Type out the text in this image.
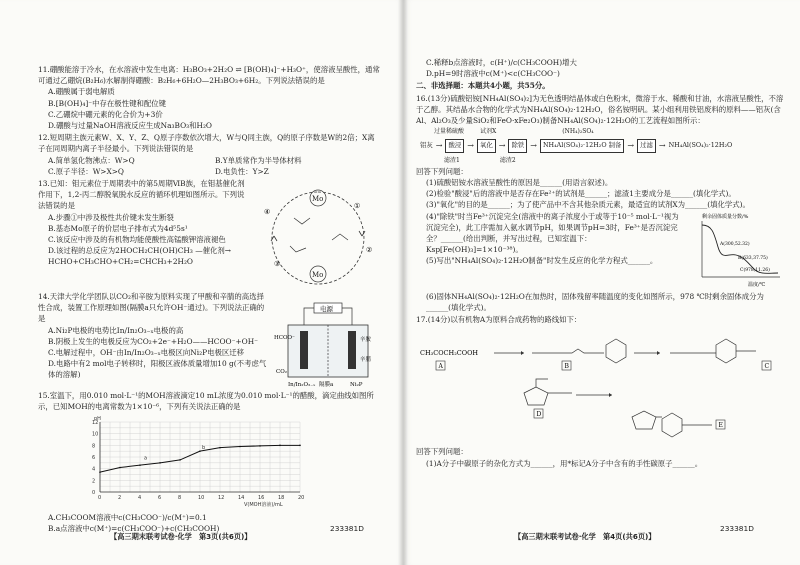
11.硼酸能溶于冷水，在水溶液中发生电离：H₃BO₃+2H₂O ⇌ [B(OH)₄]⁻+H₃O⁺，使溶液呈酸性，通常可通过乙硼烷(B₂H₆)水解制得硼酸：B₂H₆+6H₂O—2H₃BO₃+6H₂。下列说法错误的是
A.硼酸属于弱电解质
B.[B(OH)₄]⁻中存在极性键和配位键
C.乙硼烷中硼元素的化合价为+3价
D.硼酸与过量NaOH溶液反应生成Na₃BO₃和H₂O
12.短周期主族元素W、X、Y、Z、Q原子序数依次增大，W与Q同主族，Q的原子序数是W的2倍；X离子在同周期内离子半径最小。下列说法错误的是
A.简单氢化物沸点：W>Q	B.Y单质常作为半导体材料
C.原子半径：W>X>Q	D.电负性：Y>Z
13.已知：钼元素位于周期表中的第5周期ⅥB族，在钼基催化剂作用下，1,2-丙二醇脱氧脱水反应的循环机理如图所示。下列说法错误的是
A.步骤①中涉及极性共价键未发生断裂
B.基态Mo原子的价层电子排布式为4d⁵5s¹
C.该反应中涉及的有机物均能使酸性高锰酸钾溶液褪色
D.该过程的总反应为2HOCH₂CH(OH)CH₃ —催化剂→ HCHO+CH₃CHO+CH₂=CHCH₃+2H₂O
Mo
Mo
①
②
③
④
14.天津大学化学团队以CO₂和辛胺为原料实现了甲酸和辛腈的高选择性合成，装置工作原理如图(隔膜a只允许OH⁻通过)。下列说法正确的是
A.Ni₂P电极的电势比In/In₂O₃₋ₓ电极的高
B.阴极上发生的电极反应为CO₂+2e⁻+H₂O——HCOO⁻+OH⁻
C.电解过程中，OH⁻由In/In₂O₃₋ₓ电极区向Ni₂P电极区迁移
D.电路中有2 mol电子转移时，阳极区液体质量增加10 g(不考虑气体的溶解)
电源
HCOO⁻
CO₂
辛胺
辛腈
In/In₂O₃₋ₓ 隔膜a	Ni₂P
15.室温下，用0.010 mol·L⁻¹的MOH溶液滴定10 mL浓度为0.010 mol·L⁻¹的醋酸，滴定曲线如图所示，已知MOH的电离常数为1×10⁻⁶，下列有关说法正确的是
0	2	4	6	8	10	12	14	16	18	20
0
2
4
6
8
10
12
pH
V(MOH溶液)/mL
a
b
A.CH₃COOM溶液中c(CH₃COO⁻)/c(M⁺)=0.1
B.a点溶液中c(M⁺)=c(CH₃COO⁻)+c(CH₃COOH)
【高三期末联考试卷·化学　第3页(共6页)】
233381D
C.稀释b点溶液时，c(H⁺)/c(CH₃COOH)增大
D.pH=9时溶液中c(M⁺)<c(CH₃COO⁻)
二、非选择题：本题共4小题，共55分。
16.(13分)硫酸铝铵[NH₄Al(SO₄)₂]为无色透明结晶体或白色粉末，微溶于水、稀酸和甘油，水溶液呈酸性，不溶于乙醇。其结晶水合物的化学式为NH₄Al(SO₄)₂·12H₂O，俗名铵明矾。某小组利用铁铝废料的原料——铝灰(含Al、Al₂O₃及少量SiO₂和FeO·xFe₂O₃)制备NH₄Al(SO₄)₂·12H₂O的工艺流程如图所示：
过量稀硫酸	试剂X	(NH₄)₂SO₄
铝灰 → 酸浸 → 氧化 → 除铁 → NH₄Al(SO₄)₂·12H₂O 制备 → 过滤 → NH₄Al(SO₄)₂·12H₂O
滤渣1	滤渣2
回答下列问题：
(1)硫酸铝铵水溶液呈酸性的原因是______(用语言叙述)。
(2)检验"酸浸"后的溶液中是否存在Fe²⁺的试剂是______；滤渣1主要成分是______(填化学式)。
(3)"氧化"的目的是______；为了使产品中不含其他杂质元素，最适宜的试剂X为______(填化学式)。
(4)"除铁"时当Fe³⁺沉淀完全(溶液中的离子浓度小于或等于10⁻⁵ mol·L⁻¹视为沉淀完全)，此工序需加入氨水调节pH，如果调节pH=3时，Fe³⁺是否沉淀完全？______(给出判断，并写出过程，已知室温下：Ksp[Fe(OH)₃]=1×10⁻³⁸)。
(5)写出"NH₄Al(SO₄)₂·12H₂O制备"时发生反应的化学方程式______。
剩余固体质量分数/%
A(300,52.32)
B(633,37.75)
C(978,11.26)
温度/℃
(6)固体NH₄Al(SO₄)₂·12H₂O在加热时，固体残留率随温度的变化如图所示，978 ℃时剩余固体成分为______(填化学式)。
17.(14分)以有机物A为原料合成药物的路线如下：
CH₃COCH₂COOH
A	B	C
D
E
回答下列问题：
(1)A分子中碳原子的杂化方式为______，用*标记A分子中含有的手性碳原子______。
【高三期末联考试卷·化学　第4页(共6页)】
233381D
